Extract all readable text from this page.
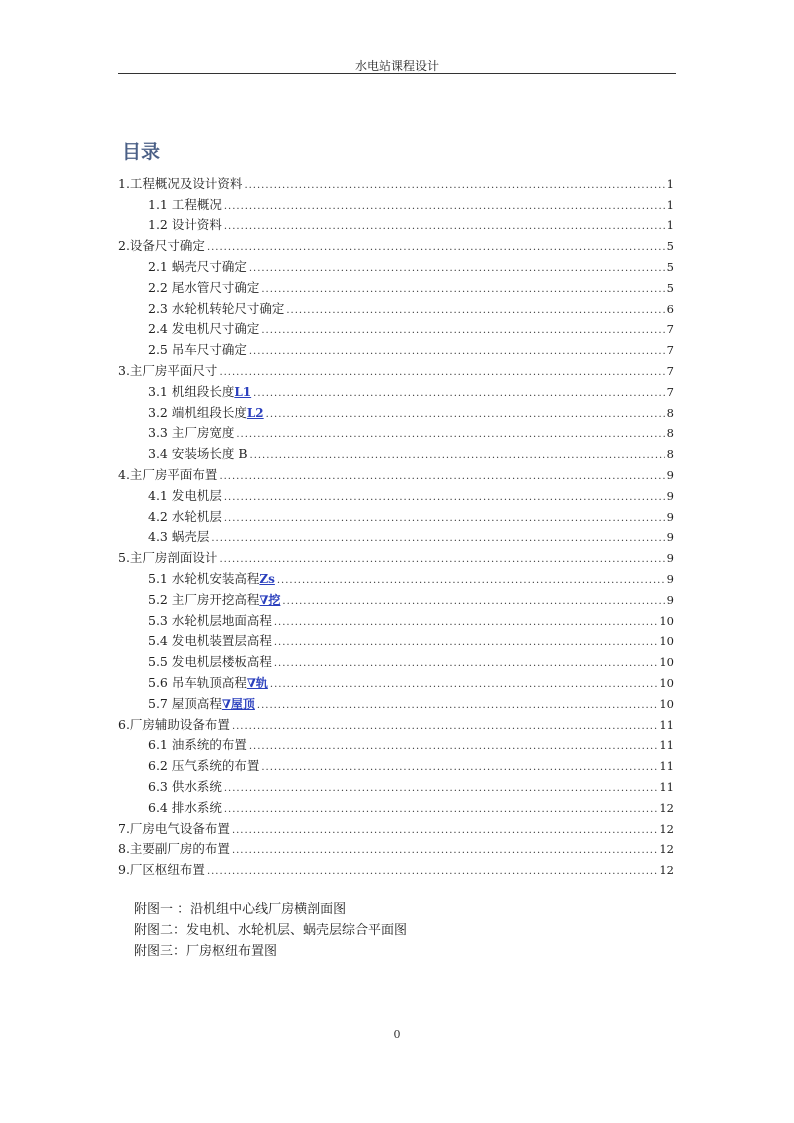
水电站课程设计
目录
1.工程概况及设计资料 .....	1
1.1 工程概况 .....	1
1.2 设计资料 .....	1
2.设备尺寸确定 .....	5
2.1 蜗壳尺寸确定 .....	5
2.2 尾水管尺寸确定 .....	5
2.3 水轮机转轮尺寸确定 .....	6
2.4 发电机尺寸确定 .....	7
2.5 吊车尺寸确定 .....	7
3.主厂房平面尺寸 .....	7
3.1 机组段长度 L1 .....	7
3.2 端机组段长度 L2 .....	8
3.3 主厂房宽度 .....	8
3.4 安装场长度 B .....	8
4.主厂房平面布置 .....	9
4.1 发电机层 .....	9
4.2 水轮机层 .....	9
4.3 蜗壳层 .....	9
5.主厂房剖面设计 .....	9
5.1 水轮机安装高程 Zs .....	9
5.2 主厂房开挖高程 ∇挖 .....	9
5.3 水轮机层地面高程 .....	10
5.4 发电机装置层高程 .....	10
5.5 发电机层楼板高程 .....	10
5.6 吊车轨顶高程 ∇轨 .....	10
5.7 屋顶高程 ∇屋顶 .....	10
6.厂房辅助设备布置 .....	11
6.1 油系统的布置 .....	11
6.2 压气系统的布置 .....	11
6.3 供水系统 .....	11
6.4 排水系统 .....	12
7.厂房电气设备布置 .....	12
8.主要副厂房的布置 .....	12
9.厂区枢纽布置 .....	12
附图一 ：沿机组中心线厂房横剖面图
附图二：发电机、水轮机层、蜗壳层综合平面图
附图三：厂房枢纽布置图
0
